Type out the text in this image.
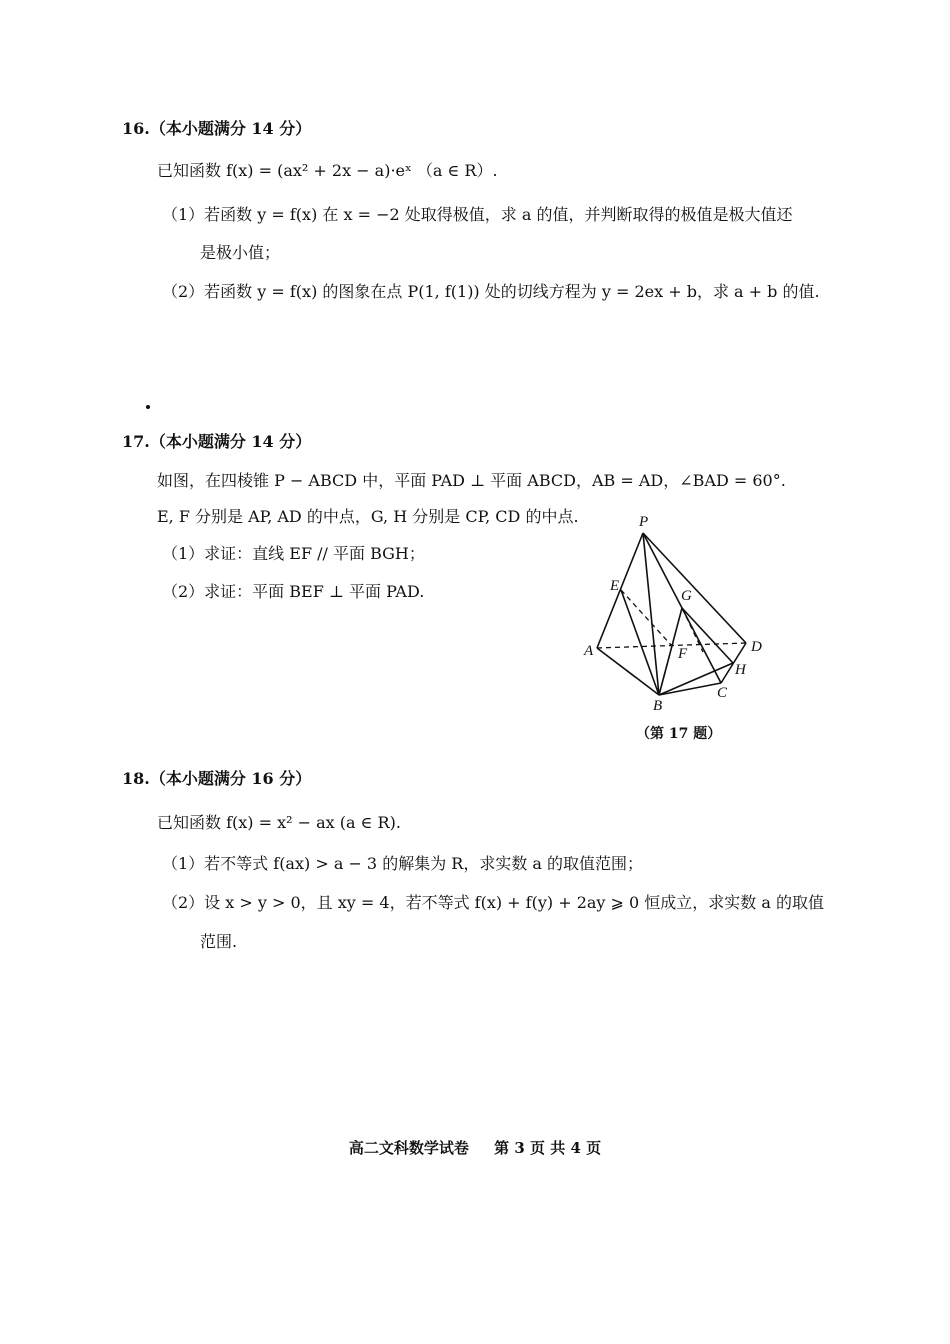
16.（本小题满分 14 分）
已知函数 f(x) = (ax² + 2x − a)·eˣ （a ∈ R）.
（1）若函数 y = f(x) 在 x = −2 处取得极值，求 a 的值，并判断取得的极值是极大值还
是极小值；
（2）若函数 y = f(x) 的图象在点 P(1, f(1)) 处的切线方程为 y = 2ex + b，求 a + b 的值.
17.（本小题满分 14 分）
如图，在四棱锥 P − ABCD 中，平面 PAD ⊥ 平面 ABCD，AB = AD，∠BAD = 60°.
E, F 分别是 AP, AD 的中点，G, H 分别是 CP, CD 的中点.
（1）求证：直线 EF // 平面 BGH；
（2）求证：平面 BEF ⊥ 平面 PAD.
P
E
G
A	F	D
H
B
C
（第 17 题）
18.（本小题满分 16 分）
已知函数 f(x) = x² − ax (a ∈ R).
（1）若不等式 f(ax) > a − 3 的解集为 R，求实数 a 的取值范围；
（2）设 x > y > 0，且 xy = 4，若不等式 f(x) + f(y) + 2ay ⩾ 0 恒成立，求实数 a 的取值
范围.
高二文科数学试卷 第 3 页 共 4 页
